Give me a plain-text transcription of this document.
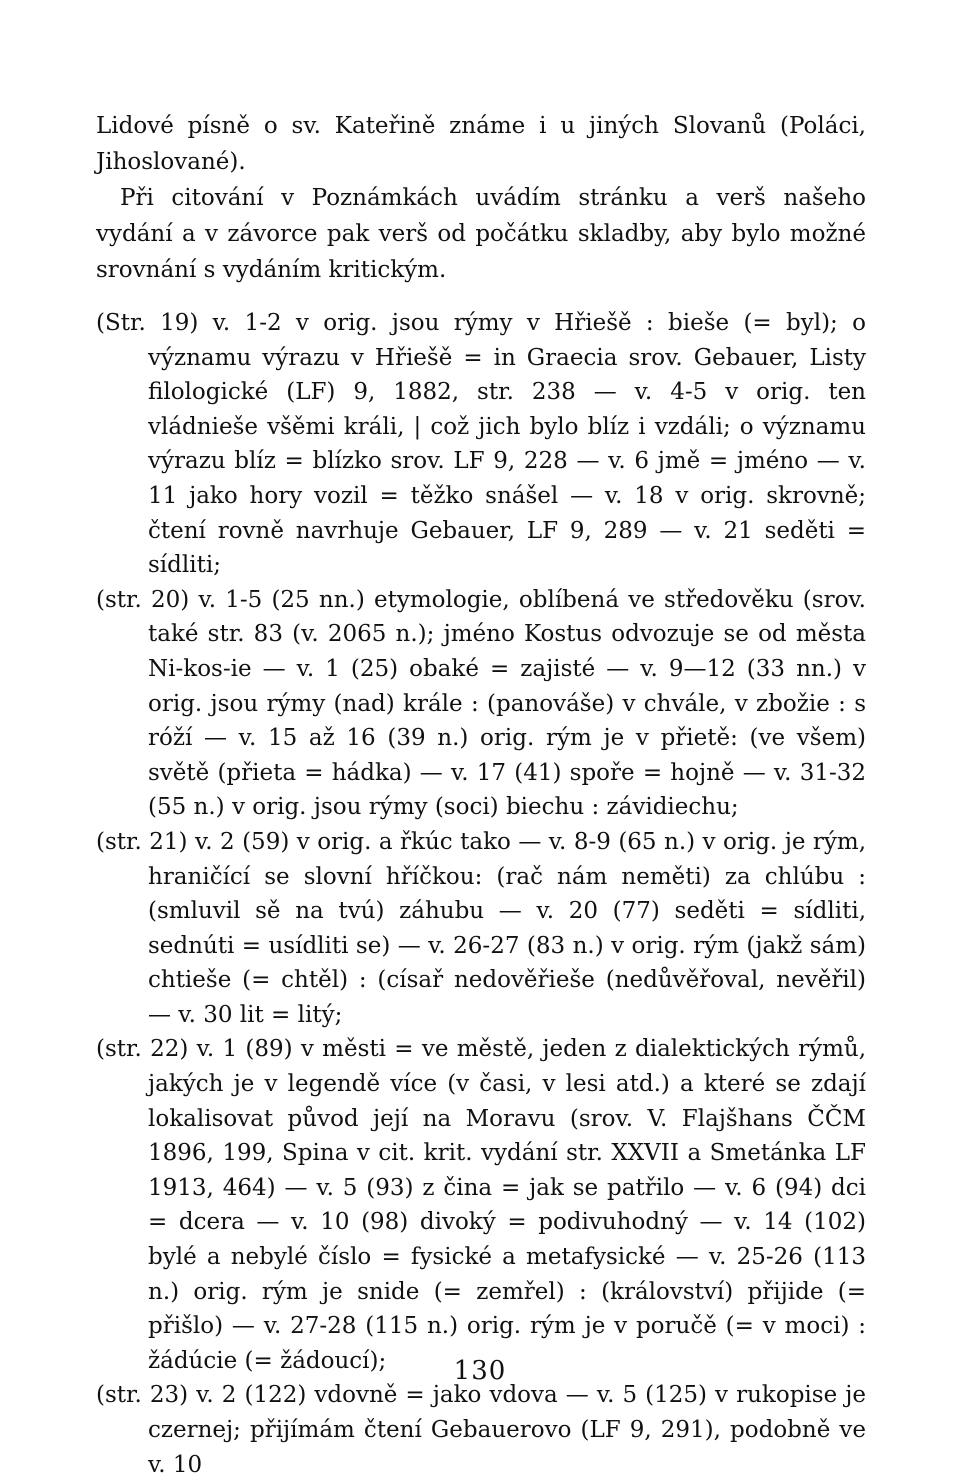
Lidové písně o sv. Kateřině známe i u jiných Slovanů (Poláci, Jihoslované).

Při citování v Poznámkách uvádím stránku a verš našeho vydání a v závorce pak verš od počátku skladby, aby bylo možné srovnání s vydáním kritickým.

(Str. 19) v. 1-2 v orig. jsou rýmy v Hřiešě : bieše (= byl); o významu výrazu v Hřiešě = in Graecia srov. Gebauer, Listy filologické (LF) 9, 1882, str. 238 — v. 4-5 v orig. ten vládnieše všěmi králi, | což jich bylo blíz i vzdáli; o významu výrazu blíz = blízko srov. LF 9, 228 — v. 6 jmě = jméno — v. 11 jako hory vozil = těžko snášel — v. 18 v orig. skrovně; čtení rovně navrhuje Gebauer, LF 9, 289 — v. 21 seděti = sídliti;

(str. 20) v. 1-5 (25 nn.) etymologie, oblíbená ve středověku (srov. také str. 83 (v. 2065 n.); jméno Kostus odvozuje se od města Ni-kos-ie — v. 1 (25) obaké = zajisté — v. 9—12 (33 nn.) v orig. jsou rýmy (nad) krále : (panováše) v chvále, v zbožie : s róží — v. 15 až 16 (39 n.) orig. rým je v přietě: (ve všem) světě (přieta = hádka) — v. 17 (41) spoře = hojně — v. 31-32 (55 n.) v orig. jsou rýmy (soci) biechu : závidiechu;

(str. 21) v. 2 (59) v orig. a řkúc tako — v. 8-9 (65 n.) v orig. je rým, hraničící se slovní hříčkou: (rač nám neměti) za chlúbu : (smluvil sě na tvú) záhubu — v. 20 (77) seděti = sídliti, sednúti = usídliti se) — v. 26-27 (83 n.) v orig. rým (jakž sám) chtieše (= chtěl) : (císař nedověřieše (nedůvěřoval, nevěřil) — v. 30 lit = litý;

(str. 22) v. 1 (89) v městi = ve městě, jeden z dialektických rýmů, jakých je v legendě více (v časi, v lesi atd.) a které se zdají lokalisovat původ její na Moravu (srov. V. Flajšhans ČČM 1896, 199, Spina v cit. krit. vydání str. XXVII a Smetánka LF 1913, 464) — v. 5 (93) z čina = jak se patřilo — v. 6 (94) dci = dcera — v. 10 (98) divoký = podivuhodný — v. 14 (102) bylé a nebylé číslo = fysické a metafysické — v. 25-26 (113 n.) orig. rým je snide (= zemřel) : (království) přijide (= přišlo) — v. 27-28 (115 n.) orig. rým je v poručě (= v moci) : žádúcie (= žádoucí);

(str. 23) v. 2 (122) vdovně = jako vdova — v. 5 (125) v rukopise je czernej; přijímám čtení Gebauerovo (LF 9, 291), podobně ve v. 10

130
